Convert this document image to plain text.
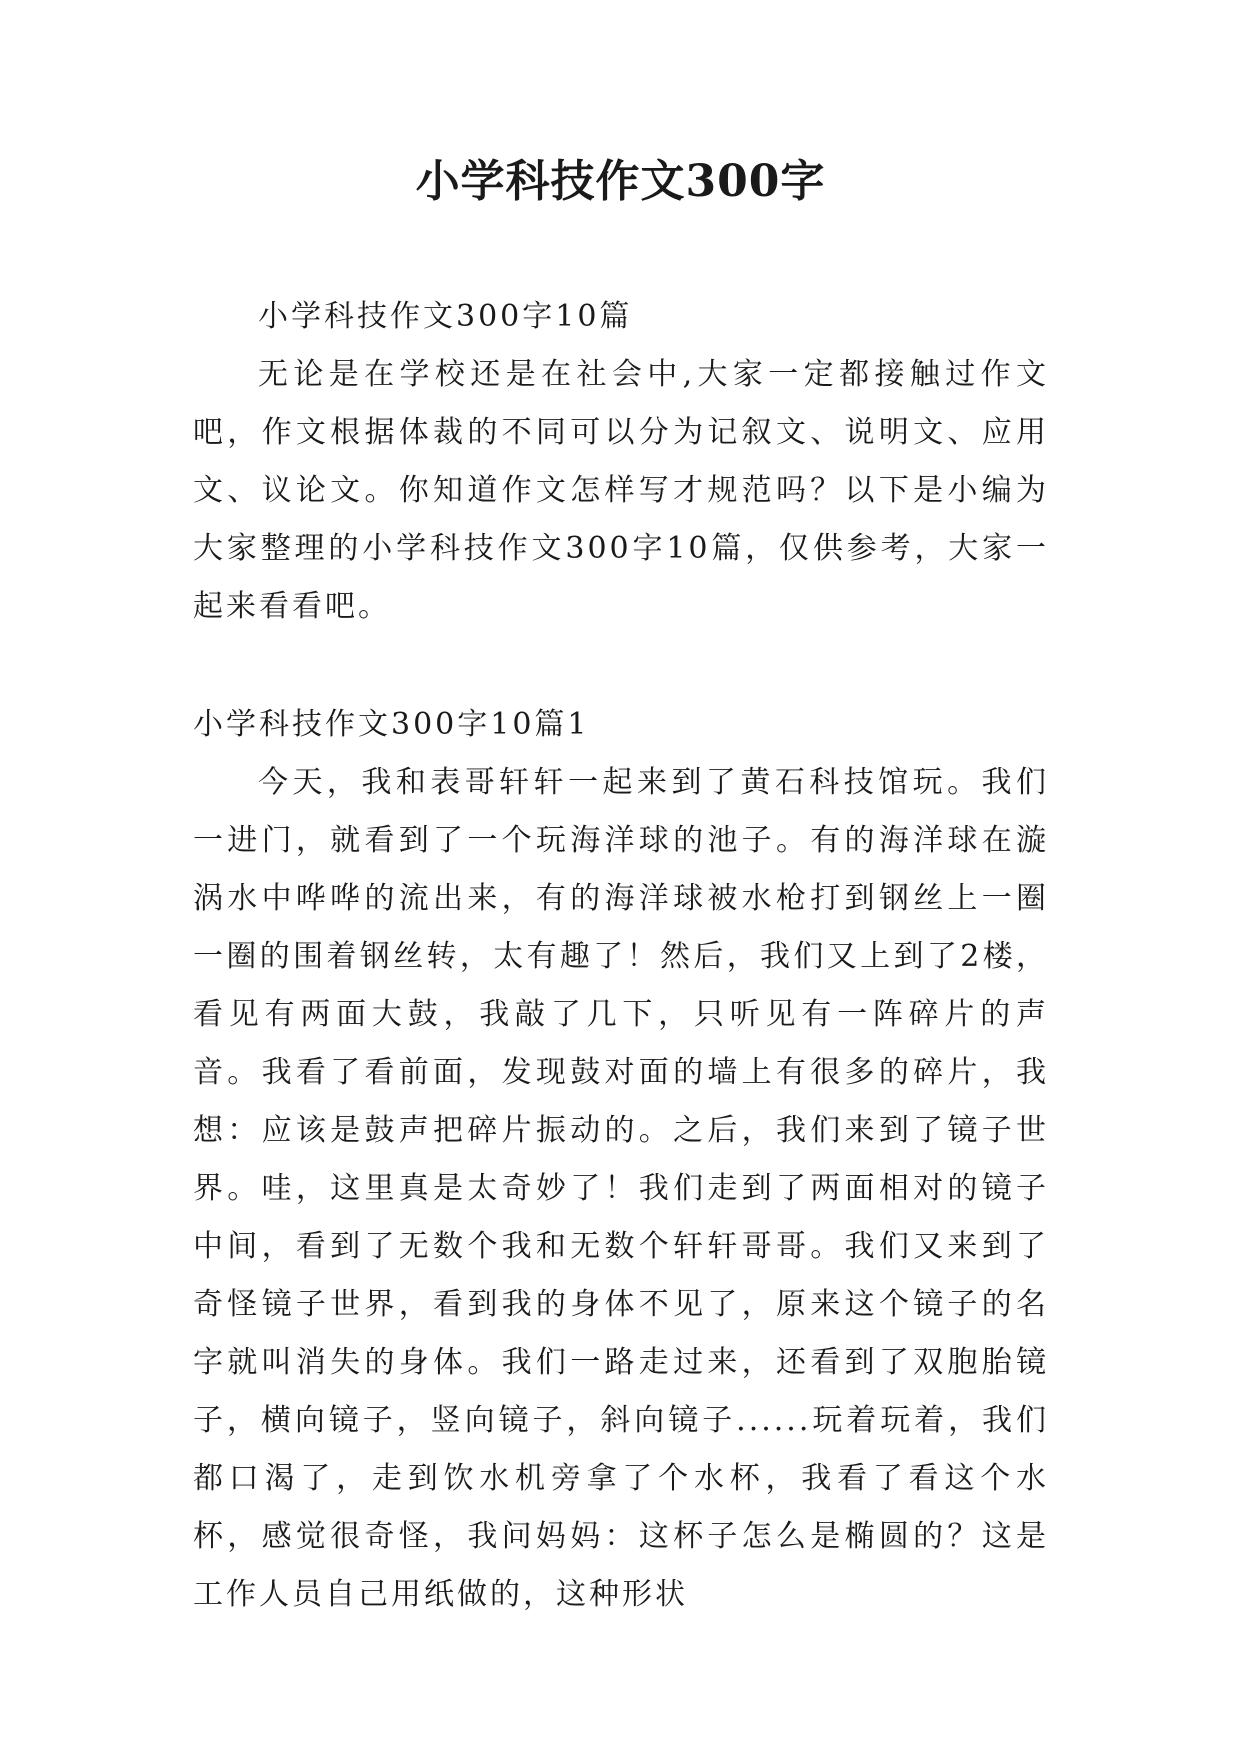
小学科技作文300字

小学科技作文300字10篇

无论是在学校还是在社会中,大家一定都接触过作文吧，作文根据体裁的不同可以分为记叙文、说明文、应用文、议论文。你知道作文怎样写才规范吗？以下是小编为大家整理的小学科技作文300字10篇，仅供参考，大家一起来看看吧。

小学科技作文300字10篇1

今天，我和表哥轩轩一起来到了黄石科技馆玩。我们一进门，就看到了一个玩海洋球的池子。有的海洋球在漩涡水中哗哗的流出来，有的海洋球被水枪打到钢丝上一圈一圈的围着钢丝转，太有趣了！然后，我们又上到了2楼，看见有两面大鼓，我敲了几下，只听见有一阵碎片的声音。我看了看前面，发现鼓对面的墙上有很多的碎片，我想：应该是鼓声把碎片振动的。之后，我们来到了镜子世界。哇，这里真是太奇妙了！我们走到了两面相对的镜子中间，看到了无数个我和无数个轩轩哥哥。我们又来到了奇怪镜子世界，看到我的身体不见了，原来这个镜子的名字就叫消失的身体。我们一路走过来，还看到了双胞胎镜子，横向镜子，竖向镜子，斜向镜子......玩着玩着，我们都口渴了，走到饮水机旁拿了个水杯，我看了看这个水杯，感觉很奇怪，我问妈妈：这杯子怎么是椭圆的？这是工作人员自己用纸做的，这种形状
